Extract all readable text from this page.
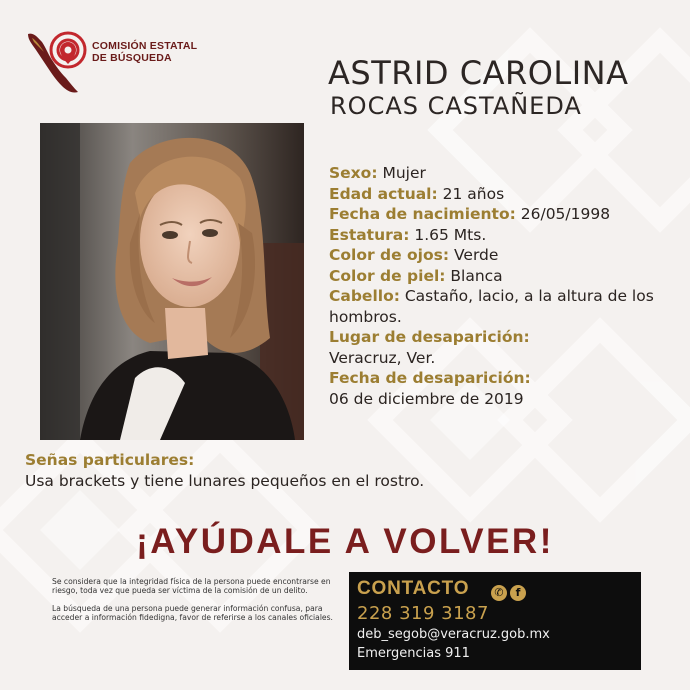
COMISIÓN ESTATAL
DE BÚSQUEDA	ASTRID CAROLINA
ROCAS CASTAÑEDA
Sexo: Mujer
Edad actual: 21 años
Fecha de nacimiento: 26/05/1998
Estatura: 1.65 Mts.
Color de ojos: Verde
Color de piel: Blanca
Cabello: Castaño, lacio, a la altura de los hombros.
Lugar de desaparición:
Veracruz, Ver.
Fecha de desaparición:
06 de diciembre de 2019
Señas particulares:
Usa brackets y tiene lunares pequeños en el rostro.
¡AYÚDALE A VOLVER!

Se considera que la integridad física de la persona puede encontrarse en riesgo, toda vez que pueda ser víctima de la comisión de un delito.

La búsqueda de una persona puede generar información confusa, para acceder a información fidedigna, favor de referirse a los canales oficiales.

CONTACTO	✆ f
228 319 3187
deb_segob@veracruz.gob.mx
Emergencias 911
